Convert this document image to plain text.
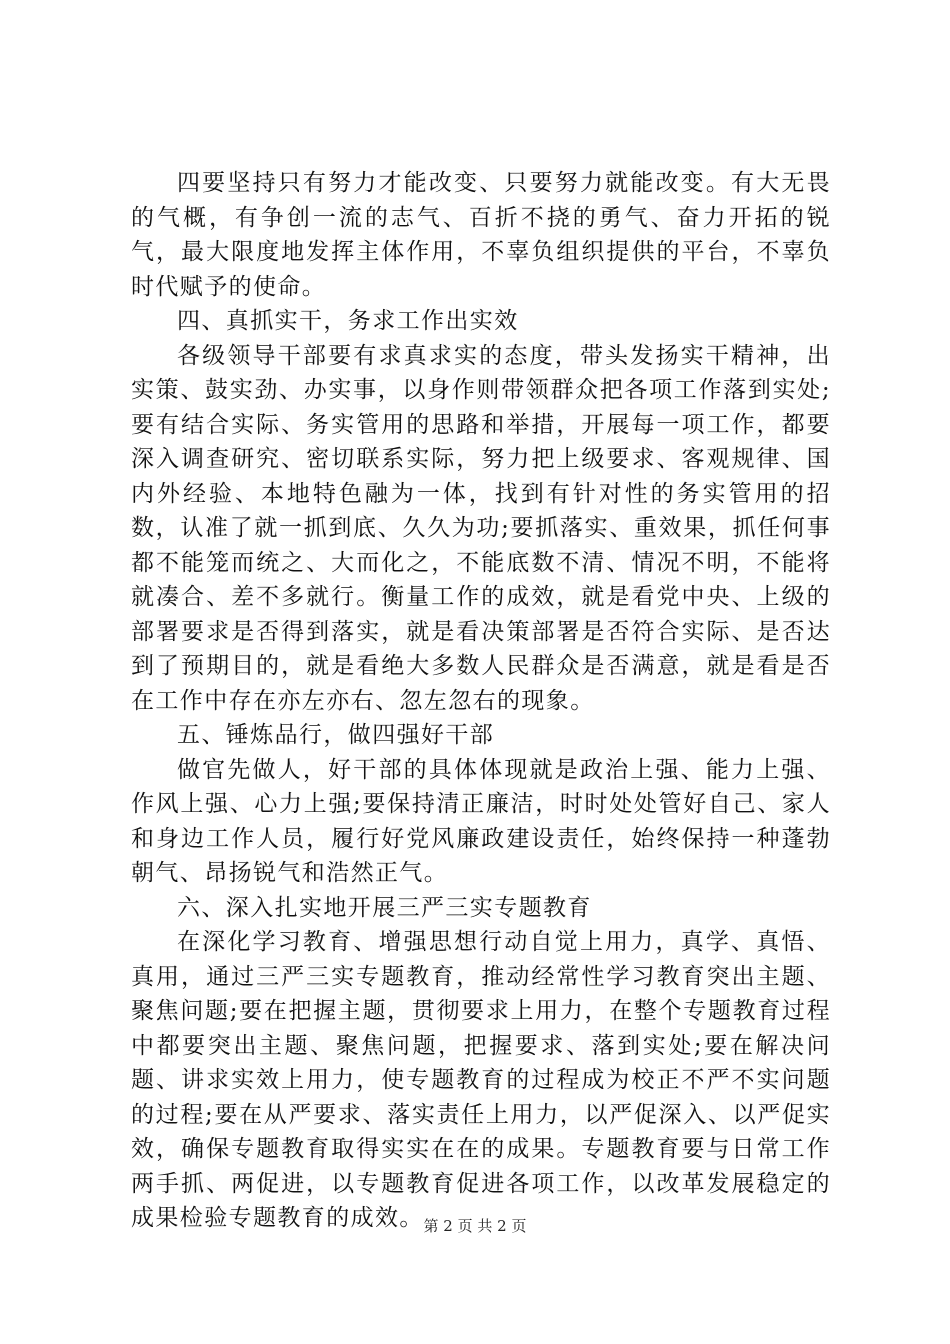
四要坚持只有努力才能改变、只要努力就能改变。有大无畏的气概，有争创一流的志气、百折不挠的勇气、奋力开拓的锐气，最大限度地发挥主体作用，不辜负组织提供的平台，不辜负时代赋予的使命。

四、真抓实干，务求工作出实效

各级领导干部要有求真求实的态度，带头发扬实干精神，出实策、鼓实劲、办实事，以身作则带领群众把各项工作落到实处;要有结合实际、务实管用的思路和举措，开展每一项工作，都要深入调查研究、密切联系实际，努力把上级要求、客观规律、国内外经验、本地特色融为一体，找到有针对性的务实管用的招数，认准了就一抓到底、久久为功;要抓落实、重效果，抓任何事都不能笼而统之、大而化之，不能底数不清、情况不明，不能将就凑合、差不多就行。衡量工作的成效，就是看党中央、上级的部署要求是否得到落实，就是看决策部署是否符合实际、是否达到了预期目的，就是看绝大多数人民群众是否满意，就是看是否在工作中存在亦左亦右、忽左忽右的现象。

五、锤炼品行，做四强好干部

做官先做人，好干部的具体体现就是政治上强、能力上强、作风上强、心力上强;要保持清正廉洁，时时处处管好自己、家人和身边工作人员，履行好党风廉政建设责任，始终保持一种蓬勃朝气、昂扬锐气和浩然正气。

六、深入扎实地开展三严三实专题教育

在深化学习教育、增强思想行动自觉上用力，真学、真悟、真用，通过三严三实专题教育，推动经常性学习教育突出主题、聚焦问题;要在把握主题，贯彻要求上用力，在整个专题教育过程中都要突出主题、聚焦问题，把握要求、落到实处;要在解决问题、讲求实效上用力，使专题教育的过程成为校正不严不实问题的过程;要在从严要求、落实责任上用力，以严促深入、以严促实效，确保专题教育取得实实在在的成果。专题教育要与日常工作两手抓、两促进，以专题教育促进各项工作，以改革发展稳定的成果检验专题教育的成效。 第 2 页 共 2 页
